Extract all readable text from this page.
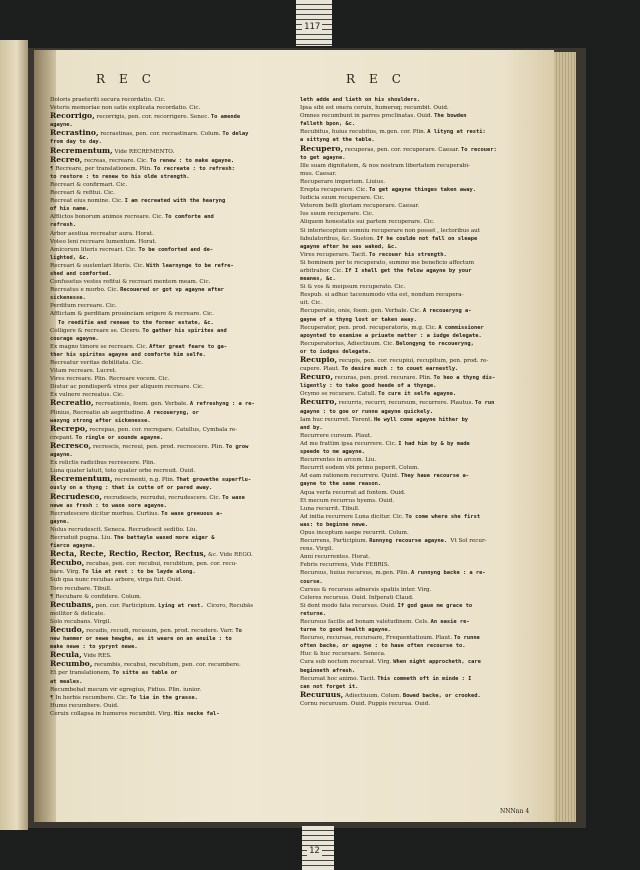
117
12
REC	REC

Doloris praeteriti secura recordatio. Cic.

Veteris memoriae non satis explicata recordatio. Cic.

Recorrigo, recorrigis, pen. cor. recorrigere. Senec. To amende

agayne.

Recrastino, recrastinas, pen. cor. recrastinare. Colum. To delay

from day to day.

Recrementum, Vide RECREMENTO.

Recreo, recreas, recreare. Cic. To renew : to make agayne.

¶ Recreare, per translationem. Plin. To recreate : to refresh:

to restore : to renew to his olde strength.

Recreari & confirmari. Cic.

Recreari & refitui. Cic.

Recreat eius nomine. Cic. I am recreated with the hearyng

of his name.

Afflictos bonorum animos recreare. Cic. To comforte and

refresh.

Arbor aestiua recreatur aura. Horat.

Voteo leni recreare lumentum. Horat.

Amicorum literis recreari. Cic. To be comforted and de-

lighted, &c.

Recreari & sustentari literis. Cic. With learnynge to be refre-

shed and comforted.

Confusetus vestes refitui & recreari mentem meam. Cic.

Recreatus e morbo. Cic. Recouered or got vp agayne after

sickenesse.

Perditum recreare. Cic.

Afflictam & perditam prouinciam erigere & recreare. Cic.

To reedifie and renewe to the former estate, &c.

Colligere & recreare se. Cicero. To gather his spirites and

courage agayne.

Ex magno timore se recreare. Cic. After great feare to ga-

ther his spirites agayne and comforte him selfe.

Recreatur veritas debilitata. Cic.

Vitam recreare. Lucret.

Vires recreare. Plin. Recreare vocem. Cic.

Diutur ac pondisper& vires per aliquem recreare. Cic.

Ex vulnere recreatus. Cic.

Recreatio, recreationis, foem. gen. Verbale. A refreshyng : a re-

Plinius, Recreatio ab aegritudine. A recoueryng, or

waxyng strong after sickenesse.

Recrepo, recrepas, pen. cor. recrepare. Catullus, Cymbala re-

crepant. To ringle or sounde agayne.

Recresco, recrescis, recreui, pen. prod. recrescere. Plin. To grow

agayne.

Ex relictis radicibus recrescere. Plin.

Luna quater latuit, toto quater orbe recreuit. Ouid.

Recrementum, recrementi, n.g. Plin. That growethe superflu-

ously on a thyng : that is cutte of or pared away.

Recrudesco, recrudescis, recrudui, recrudescere. Cic. To waxe

newe as fresh : to waxe sore agayne.

Recrudescere dicitur morbus. Curtius. To waxe greeuous a-

gayne.

Nolus recrudescit. Seneca. Recrudescit seditio. Liu.

Recruduit pugna. Liu. The battayle waxed more eiger &

fierce agayne.

Recta, Recte, Rectio, Rector, Rectus, &c. Vide REGO.

Recubo, recubas, pen. cor. recubui, recubitum, pen. cor. recu-

bare. Virg. To lie at rest : to be layde along.

Sub qua nunc recubas arbore, virga fuit. Ouid.

Toro recubare. Tibull.

¶ Recubare & confidere. Colum.

Recubans, pen. cor. Participium. Lying at rest. Cicero, Recubās

molliter & delicate.

Solo recubans. Virgil.

Recudo, recudis, recudi, recusum, pen. prod. recudere. Varr. To

new hammer or newe hewghe, as it weare on an anuile : to

make newe : to yprynt newe.

Recula, Vide RES.

Recumbo, recumbis, recubui, recubitum, pen. cor. recumbere.

Et per translationem, To sitte as table or

at meales.

Recumbebat mecum vir egregius, Fidius. Plin. iunior.

¶ In herbis recumbere. Cic. To lie in the grasse.

Humo recumbere. Ouid.

Ceruix collapsa in humeros recumbit. Virg. His necke fal-

leth adde and lieth on his shoulders.

Ipsa sibi est onera ceruix, humeroq; recumbit. Ouid.

Omnes recumbunt in parres proclinatas. Ouid. The bowden

falleth bpon, &c.

Recubitus, huius recubitus, m.gen. cor. Plin. A lityng at resti:

a sittyng at the table.

Recupero, recuperas, pen. cor. recuperare. Caesar. To recouer:

to get agayne.

Ille suam dignitatem, & nos nostram libertatem recuperabi-

mus. Caesar.

Recuperare imperium. Liuius.

Erepta recuperare. Cic. To get agayne thinges taken away.

Iudicia suum recuperare. Cic.

Veterem belli gloriam recuperare. Caesar.

Ius suum recuperare. Cic.

Aliquem honestatis sui partem recuperare. Cic.

Si interieceptum somniu recuperare non posset , lectoribus aut

fabulatoribus, &c. Sueton. If he coulde not fall on sleape

agayne after he was waked, &c.

Vires recuperare. Tacit. To recouer his strength.

Si hominem per te recuperato, summo me beneficio affectum

arbitrabor. Cic. If I shall get the felow agayne by your

meanes, &c.

Si & vos & meipsum recuperato. Cic.

Respub. si adhuc tacenumodo vita est, nondum recupera-

uit. Cic.

Recuperatio, onis, foem. gen. Verbale. Cic. A recoueryng a-

gayne of a thyng lost or taken away.

Recuperator, pen. prod. recuperatoris, m.g. Cic. A commissioner

apoynted to examine a priuate matter : a iudge delegate.

Recuperatorius, Adiectiuum. Cic. Belongyng to recoueryng,

or to iudges delegate.

Recupio, recupis, pen. cor. recupiui, recupitum, pen. prod. re-

cupere. Plaut. To desire much : to couet earnestly.

Recuro, recuras, pen. prod. recurare. Plin. To heo a thyng dis-

ligently : to take good heede of a thynge.

Ocymo se recurare. Catull. To cure it selfe agayne.

Recurro, recurris, recurri, recursum, recurrere. Plautus. To run

agayne : to goe or runne agayne quickely.

Iam huc recurret. Terent. He wyll come agayne hither by

and by.

Recurrere cursum. Plaut.

Ad me frattim ipsa recurrere. Cic. I had him by & by made

speede to me agayne.

Recurrentes in arcem. Liu.

Recurrit eodem vbi primo peperit. Colum.

Ad eam rationem recurrere. Quint. They haue recourse a-

gayne to the same reason.

Aqua verfa recurrat ad fontem. Ouid.

Et mecum recurrus hyems. Ouid.

Luna recurrit. Tibull.

Ad initia recurrere Luna dicitur. Cic. To come where she first

was: to beginne newe.

Opus inceptum saepe recurrit. Colum.

Recurrens, Participium. Runnyng recourse agayne. Vt Sol recur-

rens. Virgil.

Anni recurrentes. Horat.

Febris recurrens, Vide FEBRIS.

Recursus, huius recursus, m.gen. Plin. A runnyng backe : a re-

course.

Cursus & recursus adnersis spatiis inter. Virg.

Celeres recursus. Ouid. Infperati Claud.

Si dent modo fata recursus. Ouid. If god gaue me grace to

returne.

Recursus facilis ad bonam valetudinem. Cels. An easie re-

turne to good health agayne.

Recurso, recursas, recursare, Frequentatiuum. Plaut. To runne

often backe, or agayne : to haue often recourse to.

Huc & huc recursare. Seneca.

Cura sub noctem recursat. Virg. When night approcheth, care

beginneth afresh.

Recursat hoc animo. Tacit. This commeth oft in minde : I

can not forget it.

Recuruus, Adiectiuum. Colum. Bowed backe, or crooked.

Cornu recuruum. Ouid. Puppis recurua. Ouid.

NNNnn 4
